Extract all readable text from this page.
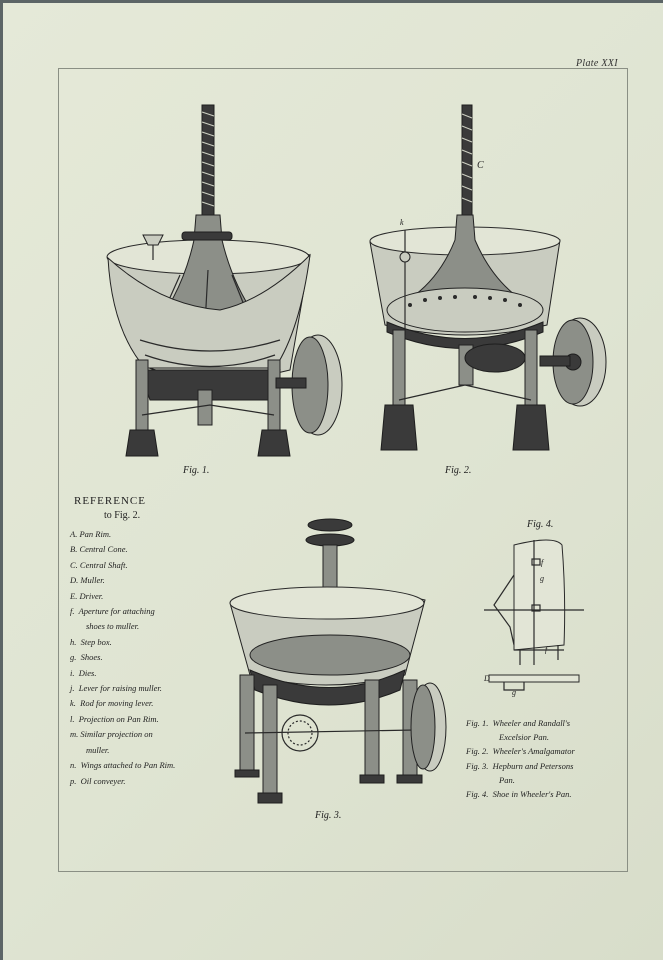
Plate XXI
Fig. 1.
C
k
Fig. 2.
Fig. 3.
Fig. 4.
f
g
f
D
g
REFERENCE
to Fig. 2.
A. Pan Rim.
B. Central Cone.
C. Central Shaft.
D. Muller.
E. Driver.
f.  Aperture for attaching
shoes to muller.
h.  Step box.
g.  Shoes.
i.  Dies.
j.  Lever for raising muller.
k.  Rod for moving lever.
l.  Projection on Pan Rim.
m. Similar projection on
muller.
n.  Wings attached to Pan Rim.
p.  Oil conveyer.
Fig. 1.  Wheeler and Randall's
Excelsior Pan.
Fig. 2.  Wheeler's Amalgamator
Fig. 3.  Hepburn and Petersons
Pan.
Fig. 4.  Shoe in Wheeler's Pan.
